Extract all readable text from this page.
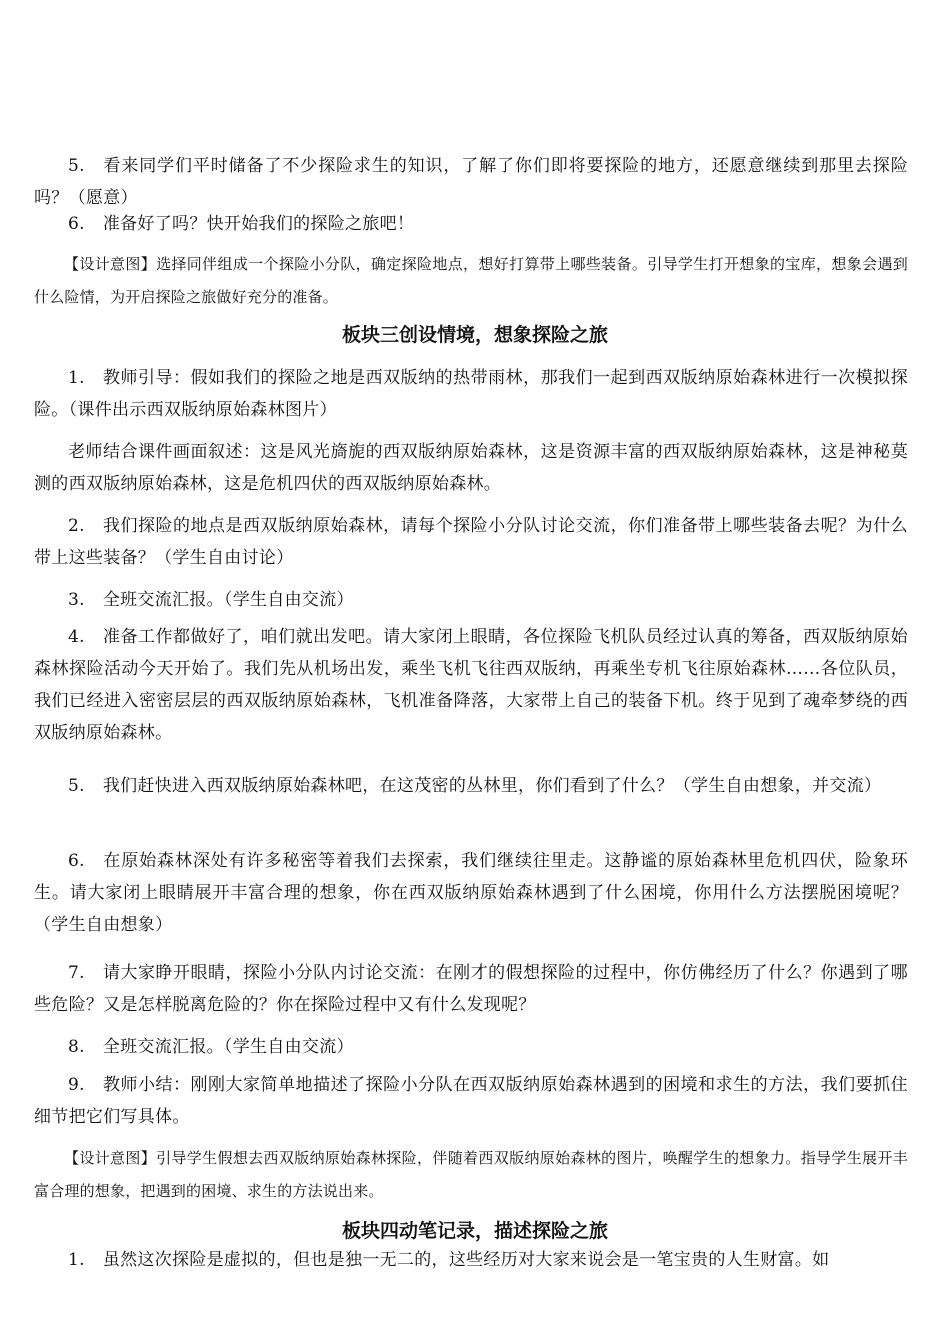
5. 看来同学们平时储备了不少探险求生的知识，了解了你们即将要探险的地方，还愿意继续到那里去探险吗？（愿意）

6. 准备好了吗？快开始我们的探险之旅吧！

【设计意图】选择同伴组成一个探险小分队，确定探险地点，想好打算带上哪些装备。引导学生打开想象的宝库，想象会遇到什么险情，为开启探险之旅做好充分的准备。

板块三创设情境，想象探险之旅

1. 教师引导：假如我们的探险之地是西双版纳的热带雨林，那我们一起到西双版纳原始森林进行一次模拟探险。（课件出示西双版纳原始森林图片）

老师结合课件画面叙述：这是风光旖旎的西双版纳原始森林，这是资源丰富的西双版纳原始森林，这是神秘莫测的西双版纳原始森林，这是危机四伏的西双版纳原始森林。

2. 我们探险的地点是西双版纳原始森林，请每个探险小分队讨论交流，你们准备带上哪些装备去呢？为什么带上这些装备？（学生自由讨论）

3. 全班交流汇报。（学生自由交流）

4. 准备工作都做好了，咱们就出发吧。请大家闭上眼睛，各位探险飞机队员经过认真的筹备，西双版纳原始森林探险活动今天开始了。我们先从机场出发，乘坐飞机飞往西双版纳，再乘坐专机飞往原始森林……各位队员，我们已经进入密密层层的西双版纳原始森林，飞机准备降落，大家带上自己的装备下机。终于见到了魂牵梦绕的西双版纳原始森林。

5. 我们赶快进入西双版纳原始森林吧，在这茂密的丛林里，你们看到了什么？（学生自由想象，并交流）

6. 在原始森林深处有许多秘密等着我们去探索，我们继续往里走。这静谧的原始森林里危机四伏，险象环生。请大家闭上眼睛展开丰富合理的想象，你在西双版纳原始森林遇到了什么困境，你用什么方法摆脱困境呢？（学生自由想象）

7. 请大家睁开眼睛，探险小分队内讨论交流：在刚才的假想探险的过程中，你仿佛经历了什么？你遇到了哪些危险？又是怎样脱离危险的？你在探险过程中又有什么发现呢？

8. 全班交流汇报。（学生自由交流）

9. 教师小结：刚刚大家简单地描述了探险小分队在西双版纳原始森林遇到的困境和求生的方法，我们要抓住细节把它们写具体。

【设计意图】引导学生假想去西双版纳原始森林探险，伴随着西双版纳原始森林的图片，唤醒学生的想象力。指导学生展开丰富合理的想象，把遇到的困境、求生的方法说出来。

板块四动笔记录，描述探险之旅

1. 虽然这次探险是虚拟的，但也是独一无二的，这些经历对大家来说会是一笔宝贵的人生财富。如
